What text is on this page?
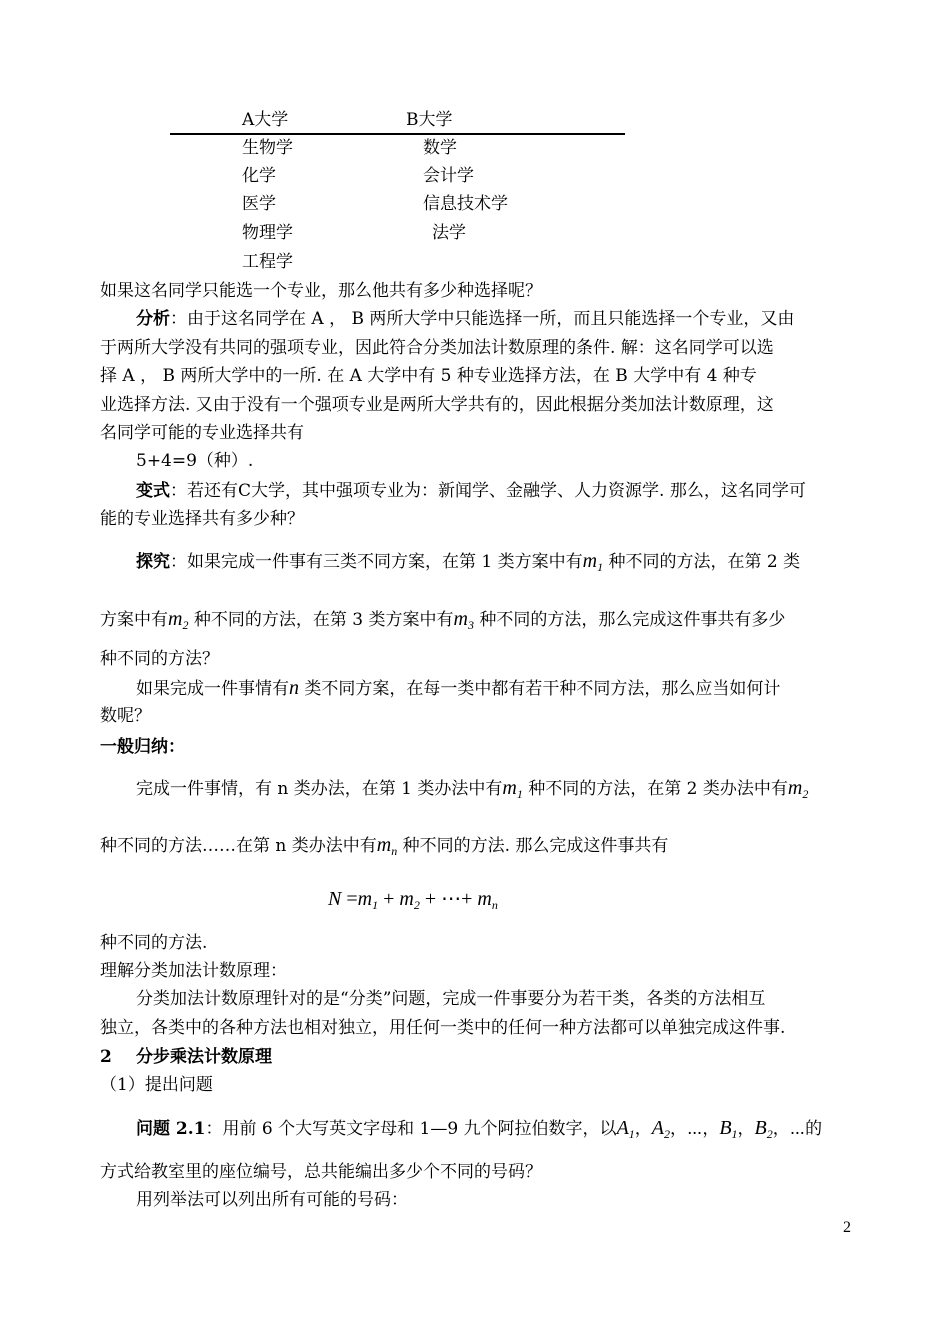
A大学	B大学
生物学
化学
医学
物理学
工程学
数学
会计学
信息技术学
法学
如果这名同学只能选一个专业，那么他共有多少种选择呢？
分析：由于这名同学在 A ， B 两所大学中只能选择一所，而且只能选择一个专业，又由
于两所大学没有共同的强项专业，因此符合分类加法计数原理的条件. 解：这名同学可以选
择 A ， B 两所大学中的一所. 在 A 大学中有 5 种专业选择方法，在 B 大学中有 4 种专
业选择方法. 又由于没有一个强项专业是两所大学共有的，因此根据分类加法计数原理，这
名同学可能的专业选择共有
5+4=9（种）.
变式：若还有C大学，其中强项专业为：新闻学、金融学、人力资源学. 那么，这名同学可
能的专业选择共有多少种？
探究：如果完成一件事有三类不同方案，在第 1 类方案中有$m_1$ 种不同的方法，在第 2 类
方案中有$m_2$ 种不同的方法，在第 3 类方案中有$m_3$ 种不同的方法，那么完成这件事共有多少
种不同的方法？
如果完成一件事情有n 类不同方案，在每一类中都有若干种不同方法，那么应当如何计
数呢？
一般归纳：
完成一件事情，有 n 类办法，在第 1 类办法中有$m_1$ 种不同的方法，在第 2 类办法中有$m_2$
种不同的方法……在第 n 类办法中有$m_n$ 种不同的方法. 那么完成这件事共有
$N =m_1 + m_2$ + ⋯+ $m_n$
种不同的方法.
理解分类加法计数原理：
分类加法计数原理针对的是“分类”问题，完成一件事要分为若干类，各类的方法相互
独立，各类中的各种方法也相对独立，用任何一类中的任何一种方法都可以单独完成这件事.
2 分步乘法计数原理
（1）提出问题
问题 2.1：用前 6 个大写英文字母和 1—9 九个阿拉伯数字，以$A_1$，$A_2$，⋯，$B_1$，$B_2$，⋯的
方式给教室里的座位编号，总共能编出多少个不同的号码？
用列举法可以列出所有可能的号码：
2
